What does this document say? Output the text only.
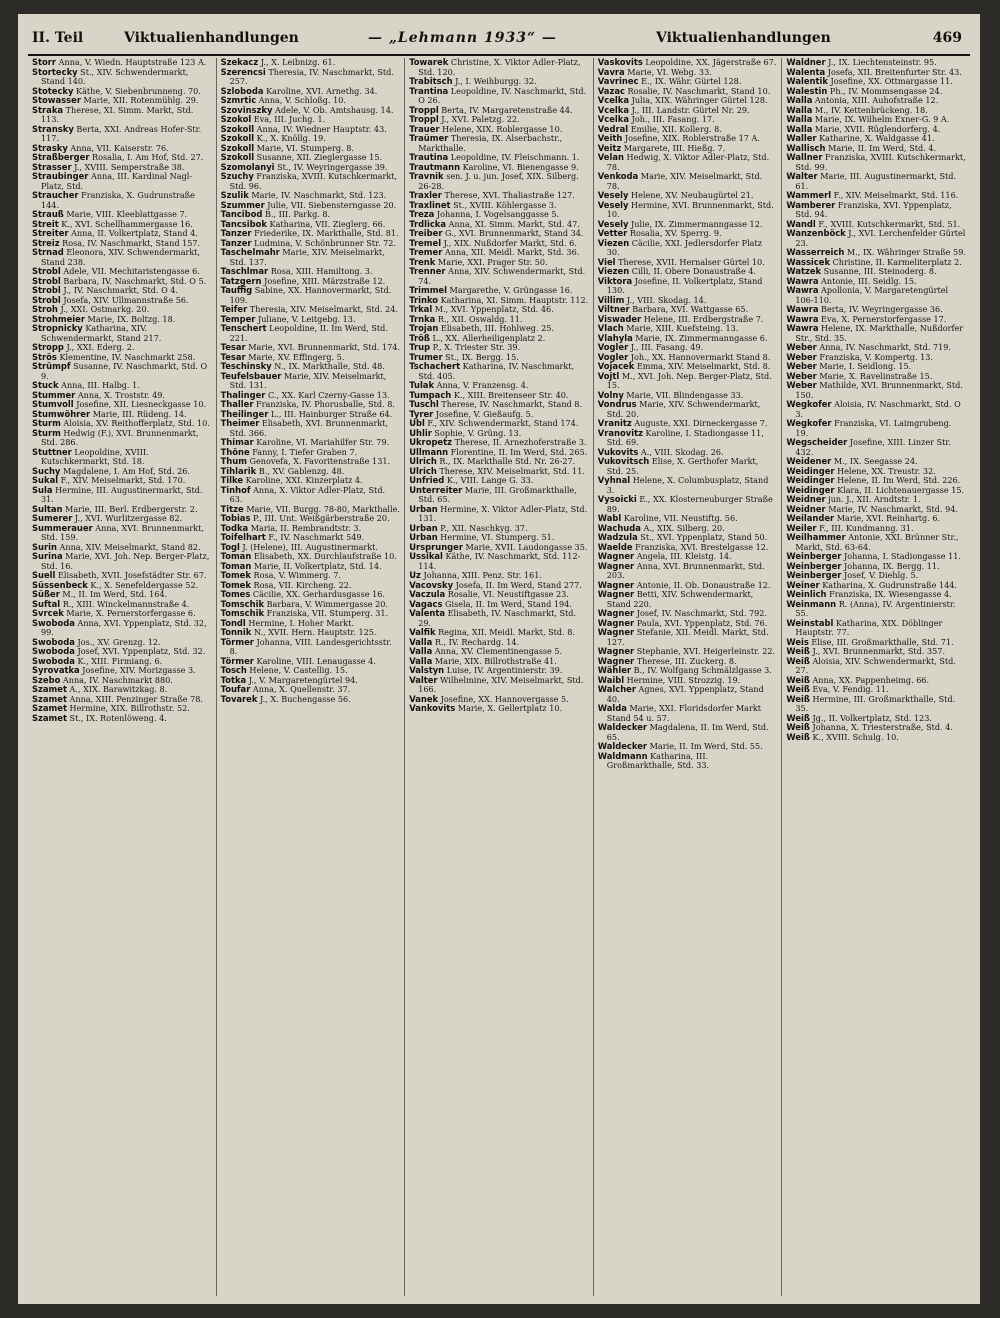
II. Teil	Viktualienhandlungen	— „Lehmann 1933“ —	Viktualienhandlungen	469

Storr Anna, V. Wiedn. Hauptstraße 123 A.

Stortecky St., XIV. Schwendermarkt, Stand 140.

Stotecky Käthe, V. Siebenbrunneng. 70.

Stowasser Marie, XII. Rotenmühlg. 29.

Straka Therese, XI. Simm. Markt, Std. 113.

Stransky Berta, XXI. Andreas Hofer-Str. 117.

Strasky Anna, VII. Kaiserstr. 76.

Straßberger Rosalia, I. Am Hof, Std. 27.

Strasser J., XVIII. Semperstraße 38.

Straubinger Anna, III. Kardinal Nagl-Platz, Std.

Straucher Franziska, X. Gudrunstraße 144.

Strauß Marie, VIII. Kleeblattgasse 7.

Streit K., XVI. Schellhammergasse 16.

Streiter Anna, II. Volkertplatz, Stand 4.

Streiz Rosa, IV. Naschmarkt, Stand 157.

Strnad Eleonora, XIV. Schwendermarkt, Stand 238.

Strobl Adele, VII. Mechitaristengasse 6.

Strobl Barbara, IV. Naschmarkt, Std. O 5.

Strobl J., IV. Naschmarkt, Std. O 4.

Strobl Josefa, XIV. Ullmannstraße 56.

Stroh J., XXI. Ostmarkg. 20.

Strohmeier Marie, IX. Boltzg. 18.

Stropnicky Katharina, XIV. Schwendermarkt, Stand 217.

Stropp J., XXI. Ederg. 2.

Strös Klementine, IV. Naschmarkt 258.

Strümpf Susanne, IV. Naschmarkt, Std. O 9.

Stuck Anna, III. Halbg. 1.

Stummer Anna, X. Troststr. 49.

Stumvoll Josefine, XII. Liesneckgasse 10.

Stumwöhrer Marie, III. Rüdeng. 14.

Sturm Aloisia, XV. Reithofferplatz, Std. 10.

Sturm Hedwig (F.), XVI. Brunnenmarkt, Std. 286.

Stuttner Leopoldine, XVIII. Kutschkermarkt, Std. 18.

Suchy Magdalene, I. Am Hof, Std. 26.

Sukal F., XIV. Meiselmarkt, Std. 170.

Sula Hermine, III. Augustinermarkt, Std. 31.

Sultan Marie, III. Berl. Erdbergerstr. 2.

Sumerer J., XVI. Wurlitzergasse 82.

Summerauer Anna, XVI. Brunnenmarkt, Std. 159.

Surin Anna, XIV. Meiselmarkt, Stand 82.

Surina Marie, XVI. Joh. Nep. Berger-Platz, Std. 16.

Suell Elisabeth, XVII. Josefstädter Str. 67.

Süssenbeck K., X. Senefeldergasse 52.

Süßer M., II. Im Werd, Std. 164.

Suftal R., XIII. Winckelmannstraße 4.

Svrcek Marie, X. Pernerstorfergasse 6.

Swoboda Anna, XVI. Yppenplatz, Std. 32, 99.

Swoboda Jos., XV. Grenzg. 12.

Swoboda Josef, XVI. Yppenplatz, Std. 32.

Swoboda K., XIII. Firmiang. 6.

Syrovatka Josefine, XIV. Morizgasse 3.

Szebo Anna, IV. Naschmarkt 880.

Szamet A., XIX. Barawitzkag. 8.

Szamet Anna, XIII. Penzinger Straße 78.

Szamet Hermine, XIX. Billrothstr. 52.

Szamet St., IX. Rotenlöweng. 4.

Szekacz J., X. Leibnizg. 61.

Szerencsi Theresia, IV. Naschmarkt, Std. 257.

Szloboda Karoline, XVI. Arnethg. 34.

Szmrtic Anna, V. Schloßg. 10.

Szovinszky Adele, V. Ob. Amtshausg. 14.

Szokol Eva, III. Juchg. 1.

Szokoll Anna, IV. Wiedner Hauptstr. 43.

Szokoll K., X. Knöllg. 19.

Szokoll Marie, VI. Stumperg. 8.

Szokoll Susanne, XII. Zieglergasse 15.

Szomolanyi St., IV. Weyringergasse 39.

Szuchy Franziska, XVIII. Kutschkermarkt, Std. 96.

Szulik Marie, IV. Naschmarkt, Std. 123.

Szummer Julie, VII. Siebensterngasse 20.

Tancibod B., III. Parkg. 8.

Tancsibok Katharina, VII. Zieglerg. 66.

Tanzer Friederike, IX. Markthalle, Std. 81.

Tanzer Ludmina, V. Schönbrunner Str. 72.

Taschelmahr Marie, XIV. Meiselmarkt, Std. 137.

Taschlmar Rosa, XIII. Hamiltong. 3.

Tatzgern Josefine, XIII. Märzstraße 12.

Tauffig Sabine, XX. Hannovermarkt, Std. 109.

Teifer Theresia, XIV. Meiselmarkt, Std. 24.

Temper Juliane, V. Leitgebg. 13.

Tenschert Leopoldine, II. Im Werd, Std. 221.

Tesar Marie, XVI. Brunnenmarkt, Std. 174.

Tesar Marie, XV. Effingerg. 5.

Teschinsky N., IX. Markthalle, Std. 48.

Teufelsbauer Marie, XIV. Meiselmarkt, Std. 131.

Thalinger C., XX. Karl Czerny-Gasse 13.

Thaller Franziska, IV. Phorusballe, Std. 8.

Theilinger L., III. Hainburger Straße 64.

Theimer Elisabeth, XVI. Brunnenmarkt, Std. 366.

Thimar Karoline, VI. Mariahilfer Str. 79.

Thöne Fanny, I. Tiefer Graben 7.

Thum Genovefa, X. Favoritenstraße 131.

Tihlarik B., XV. Gablenzg. 48.

Tilke Karoline, XXI. Kinzerplatz 4.

Tinhof Anna, X. Viktor Adler-Platz, Std. 63.

Titze Marie, VII. Burgg. 78-80, Markthalle.

Tobias P., III. Unt. Weißgärberstraße 20.

Todka Maria, II. Rembrandtstr. 3.

Toifelhart F., IV. Naschmarkt 549.

Togl J. (Helene), III. Augustinermarkt.

Toman Elisabeth, XX. Durchlaufstraße 10.

Toman Marie, II. Volkertplatz, Std. 14.

Tomek Rosa, V. Wimmerg. 7.

Tomek Rosa, VII. Kircheng. 22.

Tomes Cäcilie, XX. Gerhardusgasse 16.

Tomschik Barbara, V. Wimmergasse 20.

Tomschik Franziska, VII. Stumperg. 31.

Tondl Hermine, I. Hoher Markt.

Tonnik N., XVII. Hern. Hauptstr. 125.

Törmer Johanna, VIII. Landesgerichtsstr. 8.

Törmer Karoline, VIII. Lenaugasse 4.

Tosch Helene, V. Castellig. 15.

Totka J., V. Margaretengürtel 94.

Toufar Anna, X. Quellenstr. 37.

Tovarek J., X. Buchengasse 56.

Towarek Christine, X. Viktor Adler-Platz, Std. 120.

Trabitsch J., I. Weihburgg. 32.

Trantina Leopoldine, IV. Naschmarkt, Std. O 26.

Troppl Berta, IV. Margaretenstraße 44.

Troppl J., XVI. Paletzg. 22.

Trauer Helene, XIX. Roblergasse 10.

Traümer Theresia, IX. Alserbachstr., Markthalle.

Trautina Leopoldine, IV. Fleischmann. 1.

Trautmann Karoline, VI. Bienengasse 9.

Travnik sen. J. u. jun. Josef, XIX. Silberg. 26-28.

Traxler Therese, XVI. Thaliastraße 127.

Traxlinet St., XVIII. Köhlergasse 3.

Treza Johanna, I. Vogelsanggasse 5.

Trdlicka Anna, XI. Simm. Markt, Std. 47.

Treiber G., XVI. Brunnenmarkt, Stand 34.

Tremel J., XIX. Nußdorfer Markt, Std. 6.

Tremer Anna, XII. Meidl. Markt, Std. 36.

Trenk Marie, XXI. Prager Str. 50.

Trenner Anna, XIV. Schwendermarkt, Std. 74.

Trimmel Margarethe, V. Grüngasse 16.

Trinko Katharina, XI. Simm. Hauptstr. 112.

Trkal M., XVI. Yppenplatz, Std. 46.

Trnka R., XII. Oswaldg. 11.

Trojan Elisabeth, III. Hohlweg. 25.

Tröß L., XX. Allerheiligenplatz 2.

Trup P., X. Triester Str. 39.

Trumer St., IX. Bergg. 15.

Tschachert Katharina, IV. Naschmarkt, Std. 405.

Tulak Anna, V. Franzensg. 4.

Tumpach K., XIII. Breitenseer Str. 40.

Tuschl Therese, IV. Naschmarkt, Stand 8.

Tyrer Josefine, V. Gießaufg. 5.

Ubl F., XIV. Schwendermarkt, Stand 174.

Uhlir Sophie, V. Grüng. 13.

Ukropetz Therese, II. Arnezhoferstraße 3.

Ullmann Florentine, II. Im Werd, Std. 265.

Ulrich R., IX. Markthalle Std. Nr. 26-27.

Ulrich Therese, XIV. Meiselmarkt, Std. 11.

Unfried K., VIII. Lange G. 33.

Unterreiter Marie, III. Großmarkthalle, Std. 65.

Urban Hermine, X. Viktor Adler-Platz, Std. 131.

Urban P., XII. Naschkyg. 37.

Urban Hermine, VI. Stumperg. 51.

Ursprunger Marie, XVII. Laudongasse 35.

Ussikal Käthe, IV. Naschmarkt, Std. 112-114.

Uz Johanna, XIII. Penz. Str. 161.

Vacovsky Josefa, II. Im Werd, Stand 277.

Vaczula Rosalie, VI. Neustiftgasse 23.

Vagacs Gisela, II. Im Werd, Stand 194.

Valenta Elisabeth, IV. Naschmarkt, Std. 29.

Valfik Regina, XII. Meidl. Markt, Std. 8.

Valla R., IV. Rechardg. 14.

Valla Anna, XV. Clementinengasse 5.

Valla Marie, XIX. Billrothstraße 41.

Valstyn Luise, IV. Argentinierstr. 39.

Valter Wilhelmine, XIV. Meiselmarkt, Std. 166.

Vanek Josefine, XX. Hannovergasse 5.

Vankovits Marie, X. Gellertplatz 10.

Vaskovits Leopoldine, XX. Jägerstraße 67.

Vavra Marie, VI. Webg. 33.

Vavrinec E., IX. Währ. Gürtel 128.

Vazac Rosalie, IV. Naschmarkt, Stand 10.

Vcelka Julia, XIX. Währinger Gürtel 128.

Vcelka J., III. Landstr. Gürtel Nr. 29.

Vcelka Joh., III. Fasang. 17.

Vedral Emilie, XII. Kollerg. 8.

Veith Josefine, XIX. Roblerstraße 17 A.

Veitz Margarete, III. Hießg. 7.

Velan Hedwig, X. Viktor Adler-Platz, Std. 78.

Venkoda Marie, XIV. Meiselmarkt, Std. 78.

Vesely Helene, XV. Neubaugürtel 21.

Vesely Hermine, XVI. Brunnenmarkt, Std. 10.

Vesely Julie, IX. Zimmermanngasse 12.

Vetter Rosalia, XV. Sperrg. 9.

Viezen Cäcilie, XXI. Jedlersdorfer Platz 30.

Viel Therese, XVII. Hernalser Gürtel 10.

Viezen Cilli, II. Obere Donaustraße 4.

Viktora Josefine, II. Volkertplatz, Stand 130.

Villim J., VIII. Skodag. 14.

Viltner Barbara, XVI. Wattgasse 65.

Viswader Helene, III. Erdbergstraße 7.

Vlach Marie, XIII. Kuefsteing. 13.

Vlahyla Marie, IX. Zimmermanngasse 6.

Vogler J., III. Fasang. 49.

Vogler Joh., XX. Hannovermarkt Stand 8.

Vojacek Emma, XIV. Meiselmarkt, Std. 8.

Vojtl M., XVI. Joh. Nep. Berger-Platz, Std. 15.

Volny Marie, VII. Blindengasse 33.

Vondrus Marie, XIV. Schwendermarkt, Std. 20.

Vranitz Auguste, XXI. Dirneckergasse 7.

Vranovitz Karoline, I. Stadiongasse 11, Std. 69.

Vukovits A., VIII. Skodag. 26.

Vukovitsch Elise, X. Gerthofer Markt, Std. 25.

Vyhnal Helene, X. Columbusplatz, Stand 3.

Vysoicki E., XX. Klosterneuburger Straße 89.

Wabl Karoline, VII. Neustiftg. 56.

Wachuda A., XIX. Silberg. 20.

Wadzula St., XVI. Yppenplatz, Stand 50.

Waelde Franziska, XVI. Brestelgasse 12.

Wagner Angela, III. Kleistg. 14.

Wagner Anna, XVI. Brunnenmarkt, Std. 203.

Wagner Antonie, II. Ob. Donaustraße 12.

Wagner Betti, XIV. Schwendermarkt, Stand 220.

Wagner Josef, IV. Naschmarkt, Std. 792.

Wagner Paula, XVI. Yppenplatz, Std. 76.

Wagner Stefanie, XII. Meidl. Markt, Std. 127.

Wagner Stephanie, XVI. Heigerleinstr. 22.

Wagner Therese, III. Zuckerg. 8.

Wähler B., IV. Wolfgang Schmälzlgasse 3.

Waibl Hermine, VIII. Strozzig. 19.

Walcher Agnes, XVI. Yppenplatz, Stand 40.

Walda Marie, XXI. Floridsdorfer Markt Stand 54 u. 57.

Waldecker Magdalena, II. Im Werd, Std. 65.

Waldecker Marie, II. Im Werd, Std. 55.

Waldmann Katharina, III. Großmarkthalle, Std. 33.

Waldner J., IX. Liechtensteinstr. 95.

Walenta Josefa, XII. Breitenfurter Str. 43.

Walentik Josefine, XX. Ottmargasse 11.

Walestin Ph., IV. Mommsengasse 24.

Walla Antonia, XIII. Auhofstraße 12.

Walla M., IV. Kettenbrückeng. 18.

Walla Marie, IX. Wilhelm Exner-G. 9 A.

Walla Marie, XVII. Rüglendorferg. 4.

Waller Katharine, X. Waldgasse 41.

Wallisch Marie, II. Im Werd, Std. 4.

Wallner Franziska, XVIII. Kutschkermarkt, Std. 99.

Walter Marie, III. Augustinermarkt, Std. 61.

Wammerl F., XIV. Meiselmarkt, Std. 116.

Wamberer Franziska, XVI. Yppenplatz, Std. 94.

Wandl F., XVIII. Kutschkermarkt, Std. 51.

Wanzenböck J., XVI. Lerchenfelder Gürtel 23.

Wasserreich M., IX. Währinger Straße 59.

Wassicek Christine, II. Karmeliterplatz 2.

Watzek Susanne, III. Steinoderg. 8.

Wawra Antonie, III. Seidlg. 15.

Wawra Apollonia, V. Margaretengürtel 106-110.

Wawra Berta, IV. Weyringergasse 36.

Wawra Eva, X. Pernerstorfergasse 17.

Wawra Helene, IX. Markthalle, Nußdorfer Str., Std. 35.

Weber Anna, IV. Naschmarkt, Std. 719.

Weber Franziska, V. Kompertg. 13.

Weber Marie, I. Seidlong. 15.

Weber Marie, X. Ravelinstraße 15.

Weber Mathilde, XVI. Brunnenmarkt, Std. 150.

Wegkofer Aloisia, IV. Naschmarkt, Std. O 3.

Wegkofer Franziska, VI. Laimgrubeng. 19.

Wegscheider Josefine, XIII. Linzer Str. 432.

Weidener M., IX. Seegasse 24.

Weidinger Helene, XX. Treustr. 32.

Weidinger Helene, II. Im Werd, Std. 226.

Weidinger Klara, II. Lichtenauergasse 15.

Weidner jun. J., XII. Arndtstr. 1.

Weidner Marie, IV. Naschmarkt, Std. 94.

Weilander Marie, XVI. Reinhartg. 6.

Weiler F., III. Kundmanng. 31.

Weilhammer Antonie, XXI. Brünner Str., Markt, Std. 63-64.

Weinberger Johanna, I. Stadiongasse 11.

Weinberger Johanna, IX. Bergg. 11.

Weinberger Josef, V. Diehlg. 5.

Weiner Katharina, X. Gudrunstraße 144.

Weinlich Franziska, IX. Wiesengasse 4.

Weinmann R. (Anna), IV. Argentinierstr. 55.

Weinstabl Katharina, XIX. Döblinger Hauptstr. 77.

Weis Elise, III. Großmarkthalle, Std. 71.

Weiß J., XVI. Brunnenmarkt, Std. 357.

Weiß Aloisia, XIV. Schwendermarkt, Std. 27.

Weiß Anna, XX. Pappenheimg. 66.

Weiß Eva, V. Fendig. 11.

Weiß Hermine, III. Großmarkthalle, Std. 35.

Weiß Jg., II. Volkertplatz, Std. 123.

Weiß Johanna, X. Triesterstraße, Std. 4.

Weiß K., XVIII. Schulg. 10.
